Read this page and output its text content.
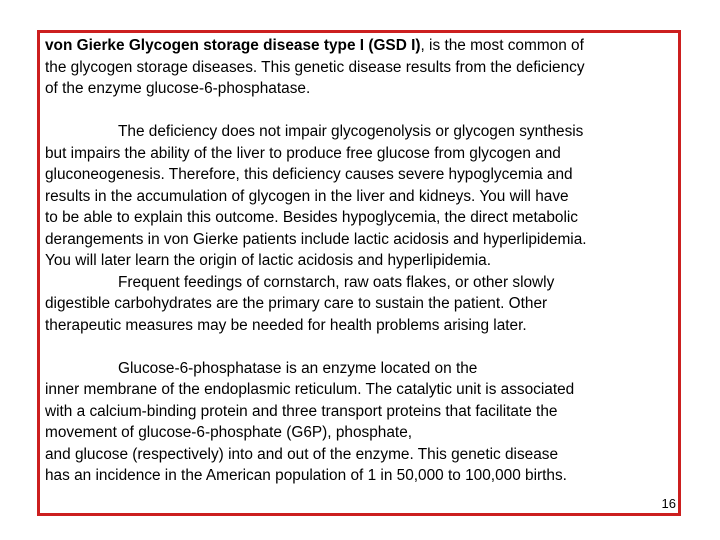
von Gierke Glycogen storage disease type I (GSD I), is the most common of
the glycogen storage diseases. This genetic disease results from the deficiency
of the enzyme glucose-6-phosphatase.
The deficiency does not impair glycogenolysis or glycogen synthesis
but impairs the ability of the liver to produce free glucose from glycogen and
gluconeogenesis. Therefore, this deficiency causes severe hypoglycemia and
results in the accumulation of glycogen in the liver and kidneys. You will have
to be able to explain this outcome. Besides hypoglycemia, the direct metabolic
derangements in von Gierke patients include lactic acidosis and hyperlipidemia.
You will later learn the origin of lactic acidosis and hyperlipidemia.
Frequent feedings of cornstarch, raw oats flakes, or other slowly
digestible carbohydrates are the primary care to sustain the patient. Other
therapeutic measures may be needed for health problems arising later.
Glucose-6-phosphatase is an enzyme located on the
inner membrane of the endoplasmic reticulum. The catalytic unit is associated
with a calcium-binding protein and three transport proteins that facilitate the
movement of glucose-6-phosphate (G6P), phosphate,
and glucose (respectively) into and out of the enzyme. This genetic disease
has an incidence in the American population of 1 in 50,000 to 100,000 births.
16
